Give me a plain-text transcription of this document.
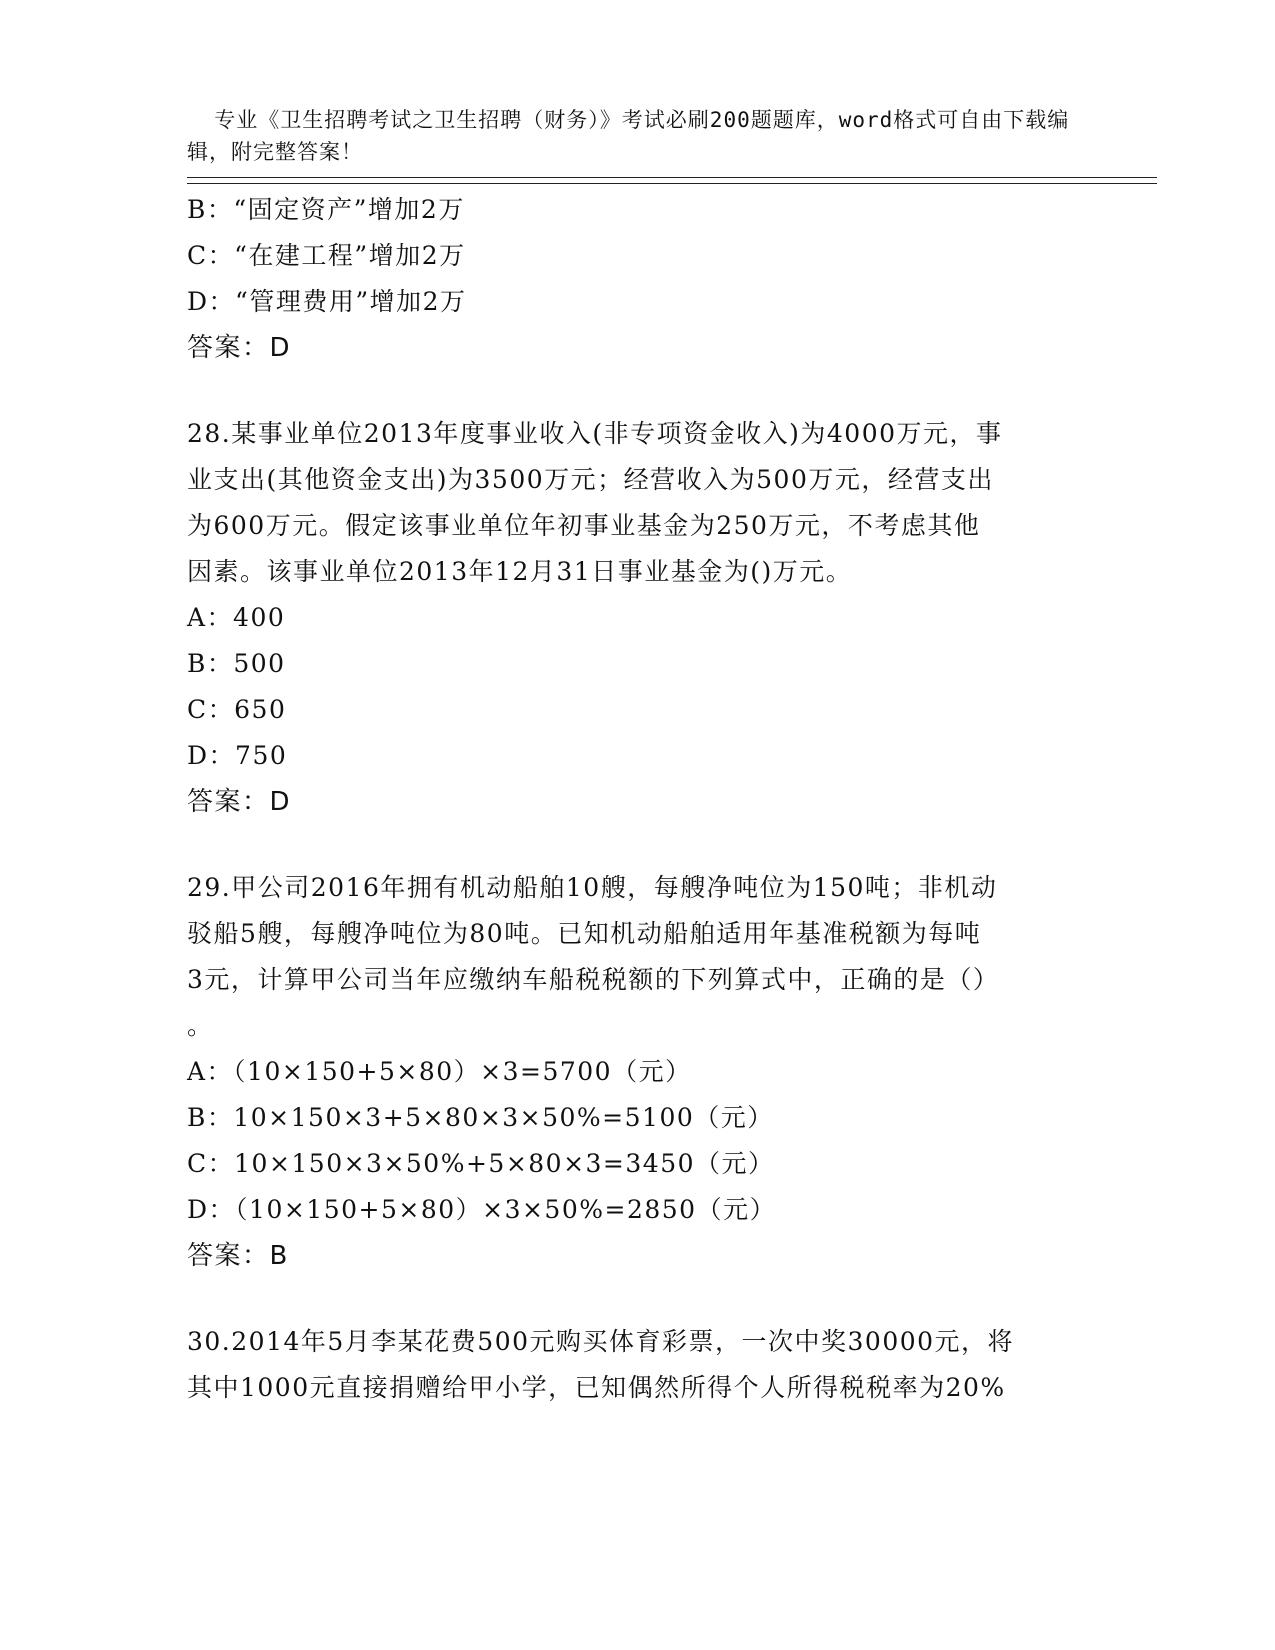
专业《卫生招聘考试之卫生招聘（财务）》考试必刷200题题库，word格式可自由下载编辑，附完整答案！

B：“固定资产”增加2万
C：“在建工程”增加2万
D：“管理费用”增加2万
答案：D
28.某事业单位2013年度事业收入(非专项资金收入)为4000万元，事
业支出(其他资金支出)为3500万元；经营收入为500万元，经营支出
为600万元。假定该事业单位年初事业基金为250万元，不考虑其他
因素。该事业单位2013年12月31日事业基金为()万元。
A：400
B：500
C：650
D：750
答案：D
29.甲公司2016年拥有机动船舶10艘，每艘净吨位为150吨；非机动
驳船5艘，每艘净吨位为80吨。已知机动船舶适用年基准税额为每吨
3元，计算甲公司当年应缴纳车船税税额的下列算式中，正确的是（）
。
A：（10×150+5×80）×3=5700（元）
B：10×150×3+5×80×3×50%=5100（元）
C：10×150×3×50%+5×80×3=3450（元）
D：（10×150+5×80）×3×50%=2850（元）
答案：B
30.2014年5月李某花费500元购买体育彩票，一次中奖30000元，将
其中1000元直接捐赠给甲小学，已知偶然所得个人所得税税率为20%
